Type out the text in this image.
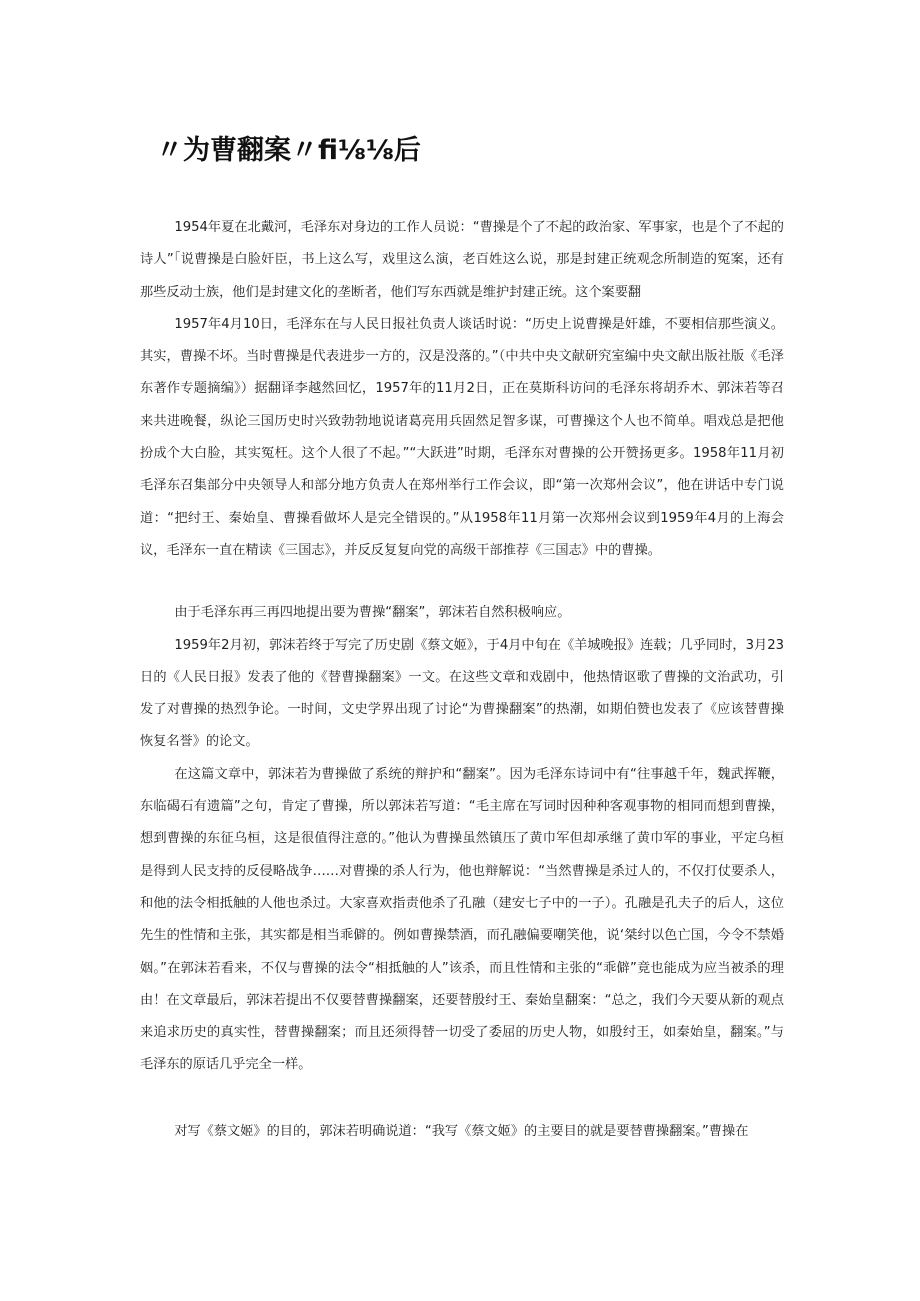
〃为曹翻案〃fi⅛⅛后

1954年夏在北戴河，毛泽东对身边的工作人员说：“曹操是个了不起的政治家、军事家，也是个了不起的诗人”「说曹操是白脸奸臣，书上这么写，戏里这么演，老百姓这么说，那是封建正统观念所制造的冤案，还有那些反动士族，他们是封建文化的垄断者，他们写东西就是维护封建正统。这个案要翻

1957年4月10日，毛泽东在与人民日报社负责人谈话时说：“历史上说曹操是奸雄，不要相信那些演义。其实，曹操不坏。当时曹操是代表进步一方的，汉是没落的。”（中共中央文献研究室编中央文献出版社版《毛泽东著作专题摘编》）据翻译李越然回忆，1957年的11月2日，正在莫斯科访问的毛泽东将胡乔木、郭沫若等召来共进晚餐，纵论三国历史时兴致勃勃地说诸葛亮用兵固然足智多谋，可曹操这个人也不简单。唱戏总是把他扮成个大白脸，其实冤枉。这个人很了不起。”“大跃进”时期，毛泽东对曹操的公开赞扬更多。1958年11月初毛泽东召集部分中央领导人和部分地方负责人在郑州举行工作会议，即“第一次郑州会议”，他在讲话中专门说道：“把纣王、秦始皇、曹操看做坏人是完全错误的。”从1958年11月第一次郑州会议到1959年4月的上海会议，毛泽东一直在精读《三国志》，并反反复复向党的高级干部推荐《三国志》中的曹操。

由于毛泽东再三再四地提出要为曹操“翻案”，郭沫若自然积极响应。

1959年2月初，郭沫若终于写完了历史剧《蔡文姬》，于4月中旬在《羊城晚报》连载；几乎同时，3月23日的《人民日报》发表了他的《替曹操翻案》一文。在这些文章和戏剧中，他热情讴歌了曹操的文治武功，引发了对曹操的热烈争论。一时间，文史学界出现了讨论“为曹操翻案”的热潮，如期伯赞也发表了《应该替曹操恢复名誉》的论文。

在这篇文章中，郭沫若为曹操做了系统的辩护和“翻案”。因为毛泽东诗词中有“往事越千年，魏武挥鞭，东临碣石有遗篇”之句，肯定了曹操，所以郭沫若写道：“毛主席在写词时因种种客观事物的相同而想到曹操，想到曹操的东征乌桓，这是很值得注意的。”他认为曹操虽然镇压了黄巾军但却承继了黄巾军的事业，平定乌桓是得到人民支持的反侵略战争……对曹操的杀人行为，他也辩解说：“当然曹操是杀过人的，不仅打仗要杀人，和他的法令相抵触的人他也杀过。大家喜欢指责他杀了孔融（建安七子中的一子）。孔融是孔夫子的后人，这位先生的性情和主张，其实都是相当乖僻的。例如曹操禁酒，而孔融偏要嘲笑他，说‘桀纣以色亡国，今令不禁婚姻。”在郭沫若看来，不仅与曹操的法令“相抵触的人”该杀，而且性情和主张的“乖僻”竟也能成为应当被杀的理由！在文章最后，郭沫若提出不仅要替曹操翻案，还要替殷纣王、秦始皇翻案：“总之，我们今天要从新的观点来追求历史的真实性，替曹操翻案；而且还须得替一切受了委屈的历史人物，如殷纣王，如秦始皇，翻案。”与毛泽东的原话几乎完全一样。

对写《蔡文姬》的目的，郭沫若明确说道：“我写《蔡文姬》的主要目的就是要替曹操翻案。”曹操在
